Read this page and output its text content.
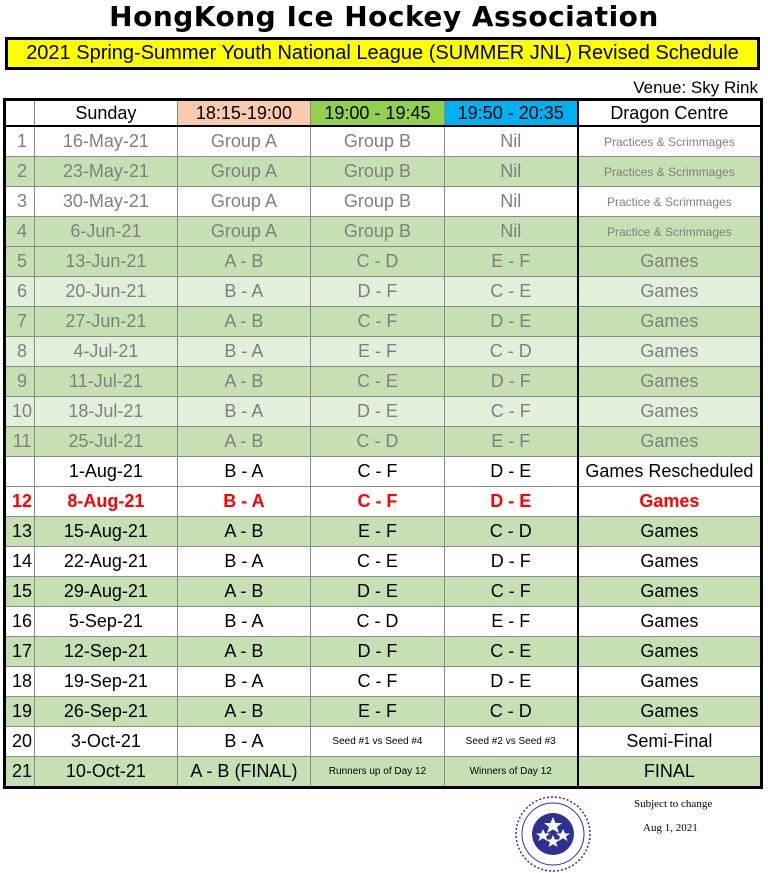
HongKong Ice Hockey Association
2021 Spring-Summer Youth National League (SUMMER JNL) Revised Schedule
Venue: Sky Rink
	Sunday	18:15-19:00	19:00 - 19:45	19:50 - 20:35	Dragon Centre
1	16-May-21	Group A	Group B	Nil	Practices & Scrimmages
2	23-May-21	Group A	Group B	Nil	Practices & Scrimmages
3	30-May-21	Group A	Group B	Nil	Practice & Scrimmages
4	6-Jun-21	Group A	Group B	Nil	Practice & Scrimmages
5	13-Jun-21	A - B	C - D	E - F	Games
6	20-Jun-21	B - A	D - F	C - E	Games
7	27-Jun-21	A - B	C - F	D - E	Games
8	4-Jul-21	B - A	E - F	C - D	Games
9	11-Jul-21	A - B	C - E	D - F	Games
10	18-Jul-21	B - A	D - E	C - F	Games
11	25-Jul-21	A - B	C - D	E - F	Games
	1-Aug-21	B - A	C - F	D - E	Games Rescheduled
12	8-Aug-21	B - A	C - F	D - E	Games
13	15-Aug-21	A - B	E - F	C - D	Games
14	22-Aug-21	B - A	C - E	D - F	Games
15	29-Aug-21	A - B	D - E	C - F	Games
16	5-Sep-21	B - A	C - D	E - F	Games
17	12-Sep-21	A - B	D - F	C - E	Games
18	19-Sep-21	B - A	C - F	D - E	Games
19	26-Sep-21	A - B	E - F	C - D	Games
20	3-Oct-21	B - A	Seed #1 vs Seed #4	Seed #2 vs Seed #3	Semi-Final
21	10-Oct-21	A - B (FINAL)	Runners up of Day 12	Winners of Day 12	FINAL
Subject to change
Aug 1, 2021
